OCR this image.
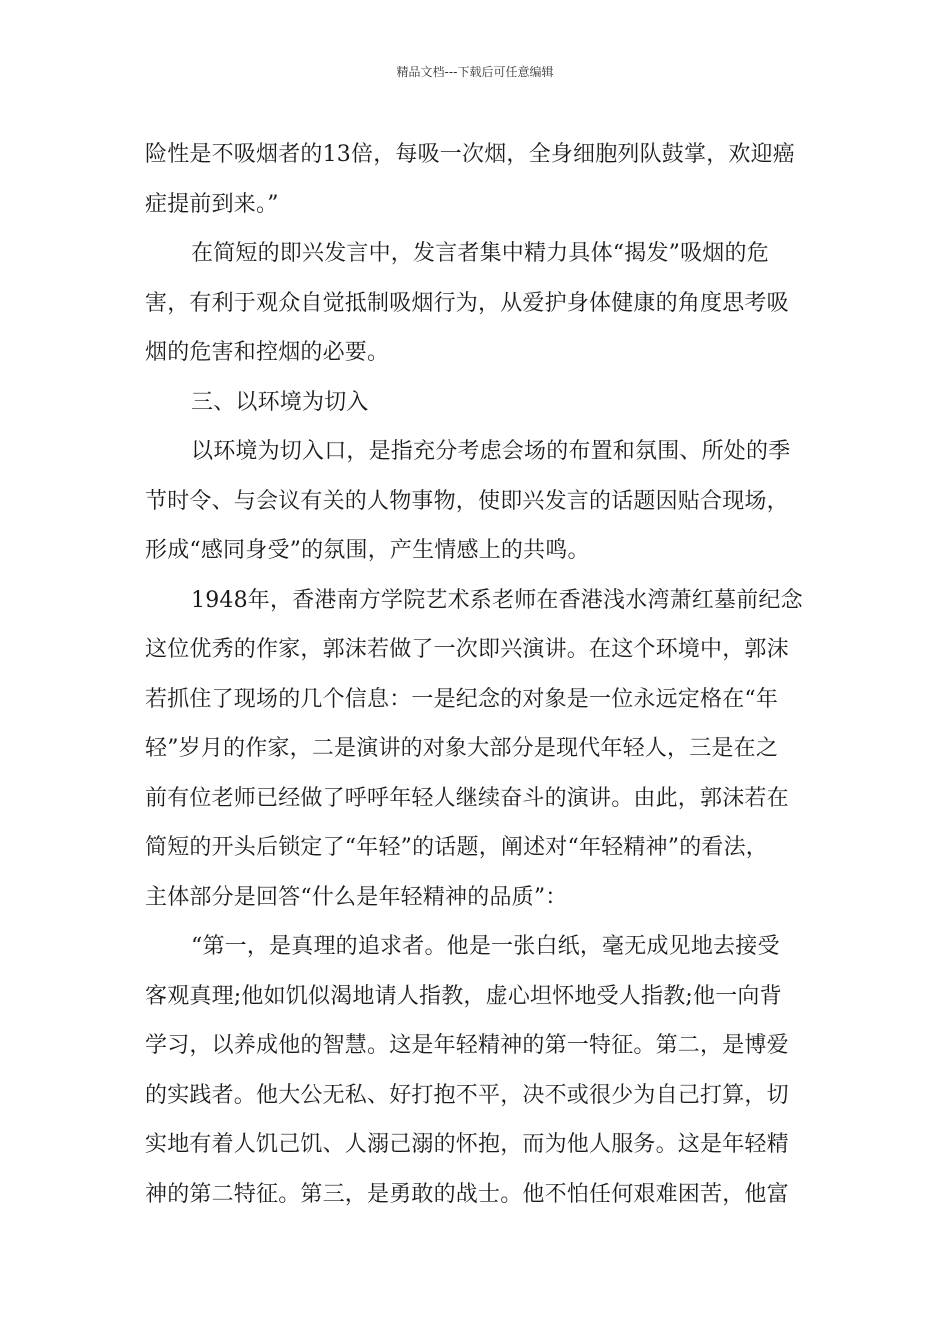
精品文档---下载后可任意编辑
险性是不吸烟者的13倍，每吸一次烟，全身细胞列队鼓掌，欢迎癌
症提前到来。”
在简短的即兴发言中，发言者集中精力具体“揭发”吸烟的危
害，有利于观众自觉抵制吸烟行为，从爱护身体健康的角度思考吸
烟的危害和控烟的必要。
三、以环境为切入
以环境为切入口，是指充分考虑会场的布置和氛围、所处的季
节时令、与会议有关的人物事物，使即兴发言的话题因贴合现场，
形成“感同身受”的氛围，产生情感上的共鸣。
1948年，香港南方学院艺术系老师在香港浅水湾萧红墓前纪念
这位优秀的作家，郭沫若做了一次即兴演讲。在这个环境中，郭沫
若抓住了现场的几个信息：一是纪念的对象是一位永远定格在“年
轻”岁月的作家，二是演讲的对象大部分是现代年轻人，三是在之
前有位老师已经做了呼呼年轻人继续奋斗的演讲。由此，郭沫若在
简短的开头后锁定了“年轻”的话题，阐述对“年轻精神”的看法，
主体部分是回答“什么是年轻精神的品质”：
“第一，是真理的追求者。他是一张白纸，毫无成见地去接受
客观真理;他如饥似渴地请人指教，虚心坦怀地受人指教;他一向背
学习，以养成他的智慧。这是年轻精神的第一特征。第二，是博爱
的实践者。他大公无私、好打抱不平，决不或很少为自己打算，切
实地有着人饥己饥、人溺己溺的怀抱，而为他人服务。这是年轻精
神的第二特征。第三，是勇敢的战士。他不怕任何艰难困苦，他富
